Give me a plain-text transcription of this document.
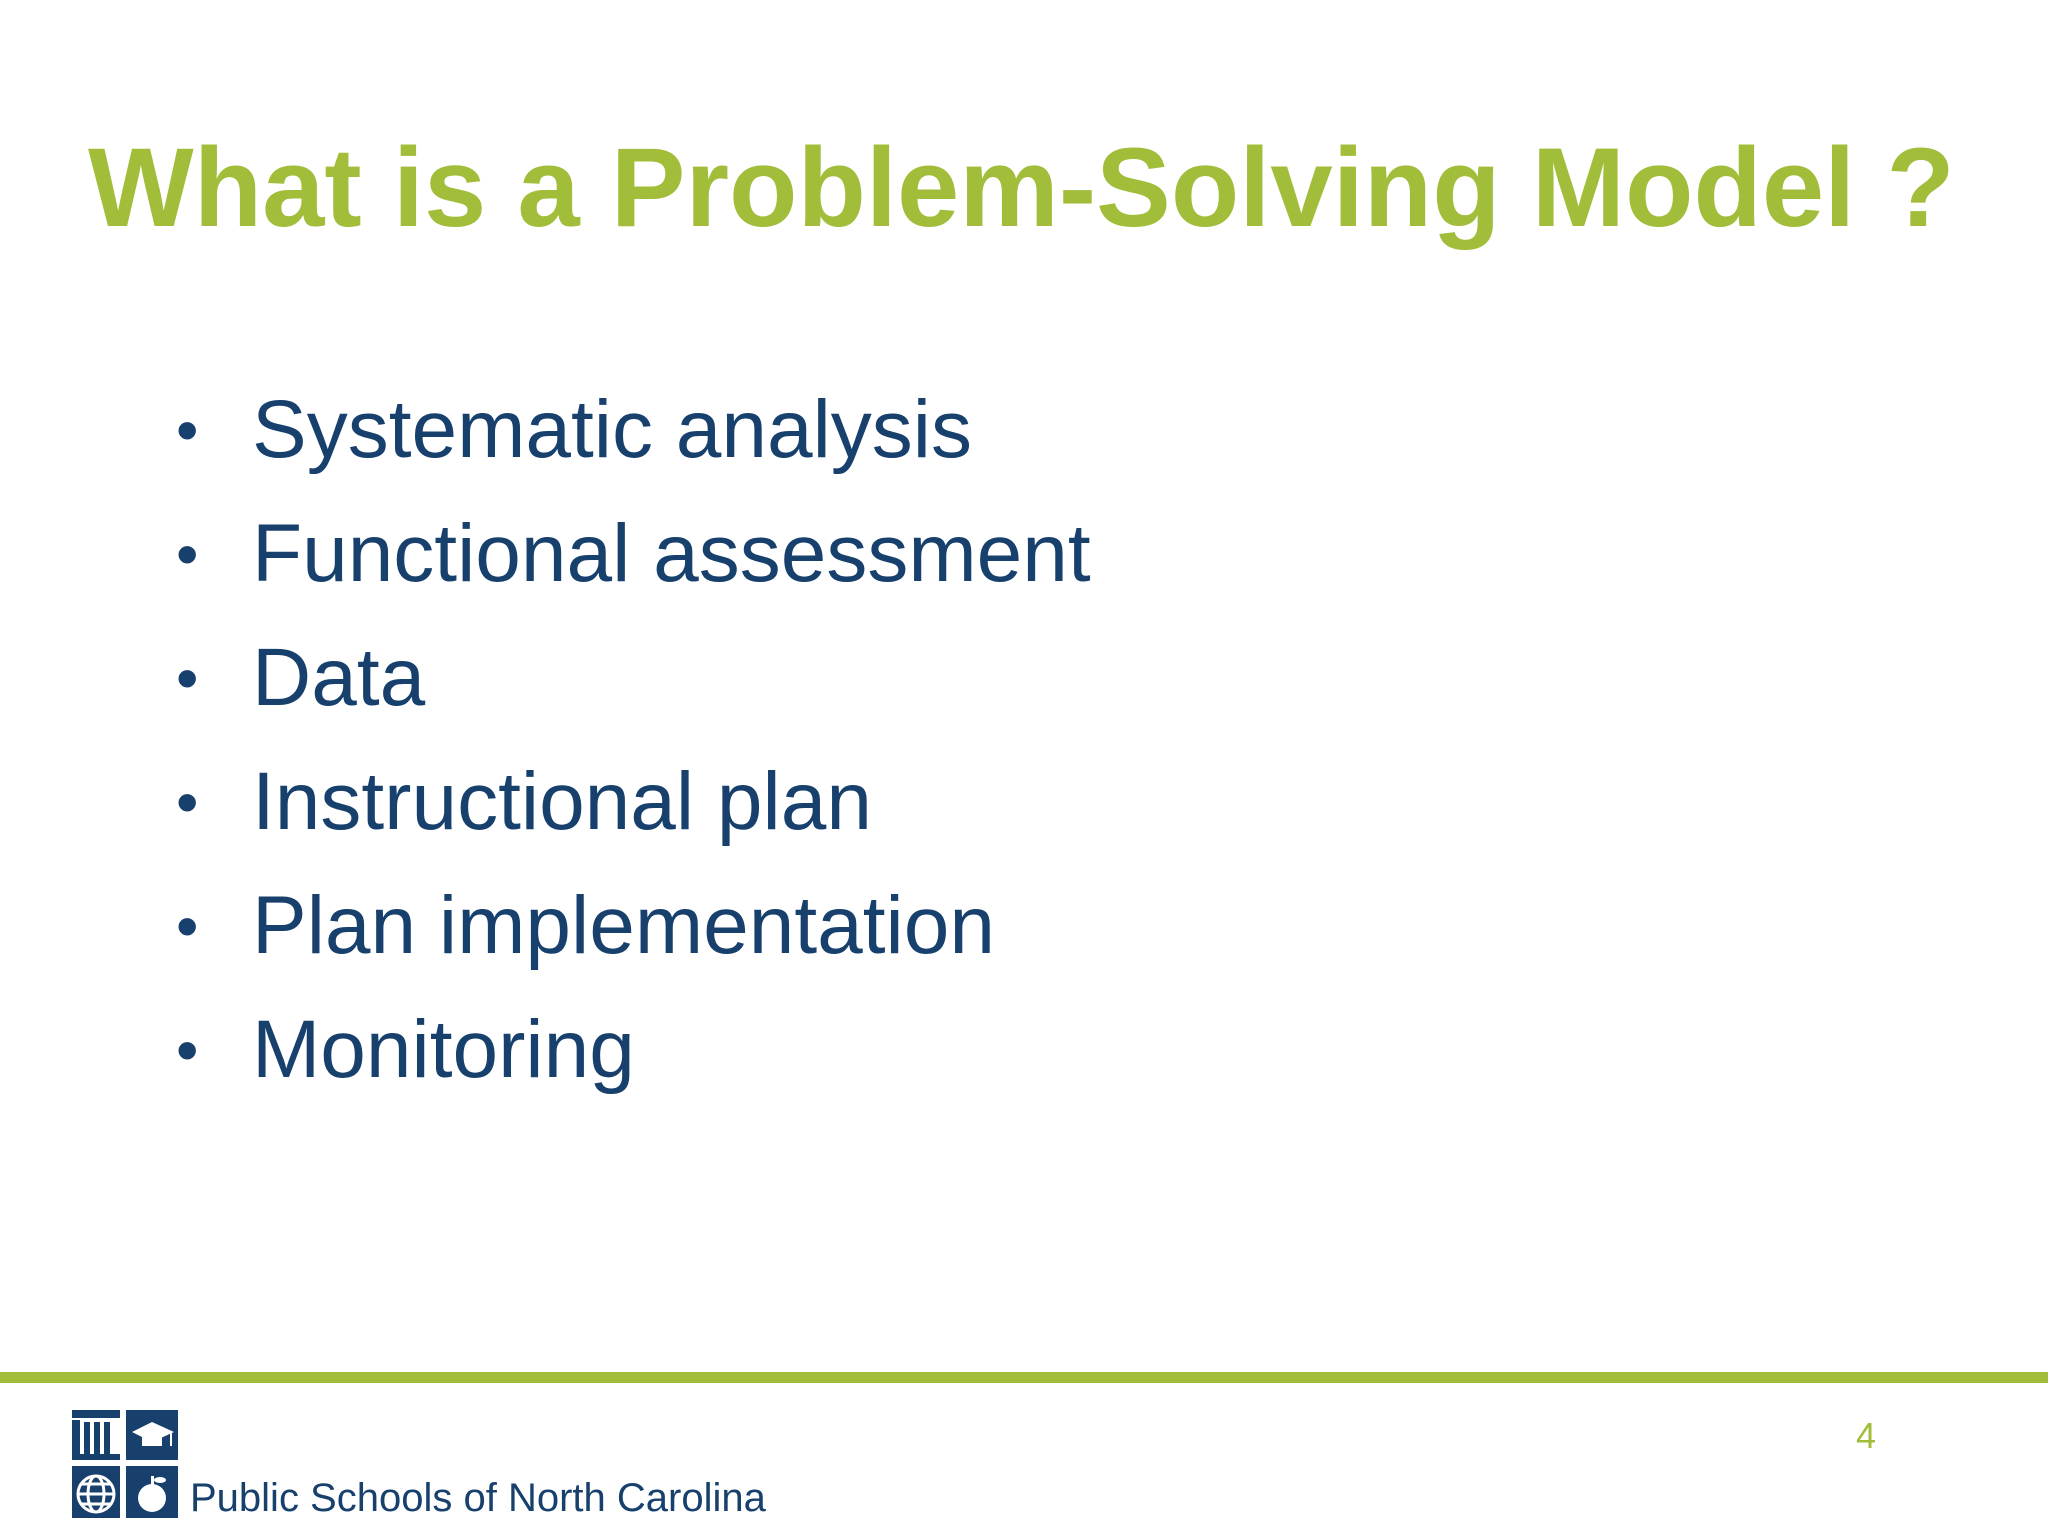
What is a Problem-Solving Model ?
• Systematic analysis
• Functional assessment
• Data
• Instructional plan
• Plan implementation
• Monitoring
4
Public Schools of North Carolina
